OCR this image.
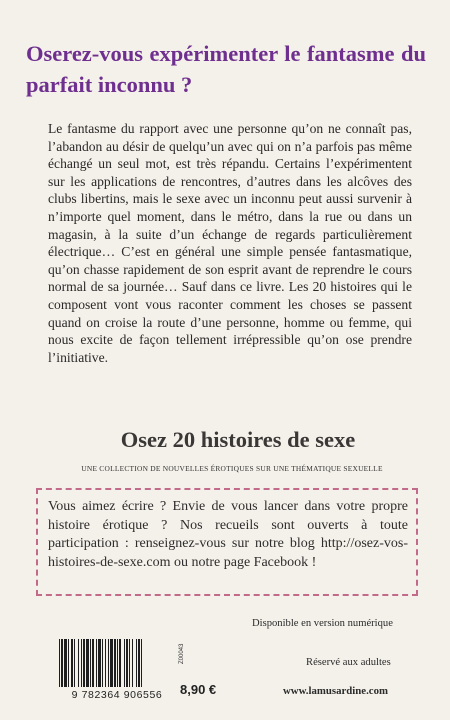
Oserez-vous expérimenter le fantasme du parfait inconnu ?
Le fantasme du rapport avec une personne qu’on ne connaît pas, l’abandon au désir de quelqu’un avec qui on n’a parfois pas même échangé un seul mot, est très répandu. Certains l’expérimentent sur les applications de rencontres, d’autres dans les alcôves des clubs libertins, mais le sexe avec un inconnu peut aussi survenir à n’importe quel moment, dans le métro, dans la rue ou dans un magasin, à la suite d’un échange de regards particulièrement électrique… C’est en général une simple pensée fantasmatique, qu’on chasse rapidement de son esprit avant de reprendre le cours normal de sa journée… Sauf dans ce livre. Les 20 histoires qui le composent vont vous raconter comment les choses se passent quand on croise la route d’une personne, homme ou femme, qui nous excite de façon tellement irrépressible qu’on ose prendre l’initiative.
Osez 20 histoires de sexe
UNE COLLECTION DE NOUVELLES ÉROTIQUES SUR UNE THÉMATIQUE SEXUELLE
Vous aimez écrire ? Envie de vous lancer dans votre propre histoire érotique ? Nos recueils sont ouverts à toute participation : renseignez-vous sur notre blog http://osez-vos-histoires-de-sexe.com ou notre page Facebook !
Disponible en version numérique
9 782364 906556
Z00043
8,90 €
Réservé aux adultes
www.lamusardine.com
